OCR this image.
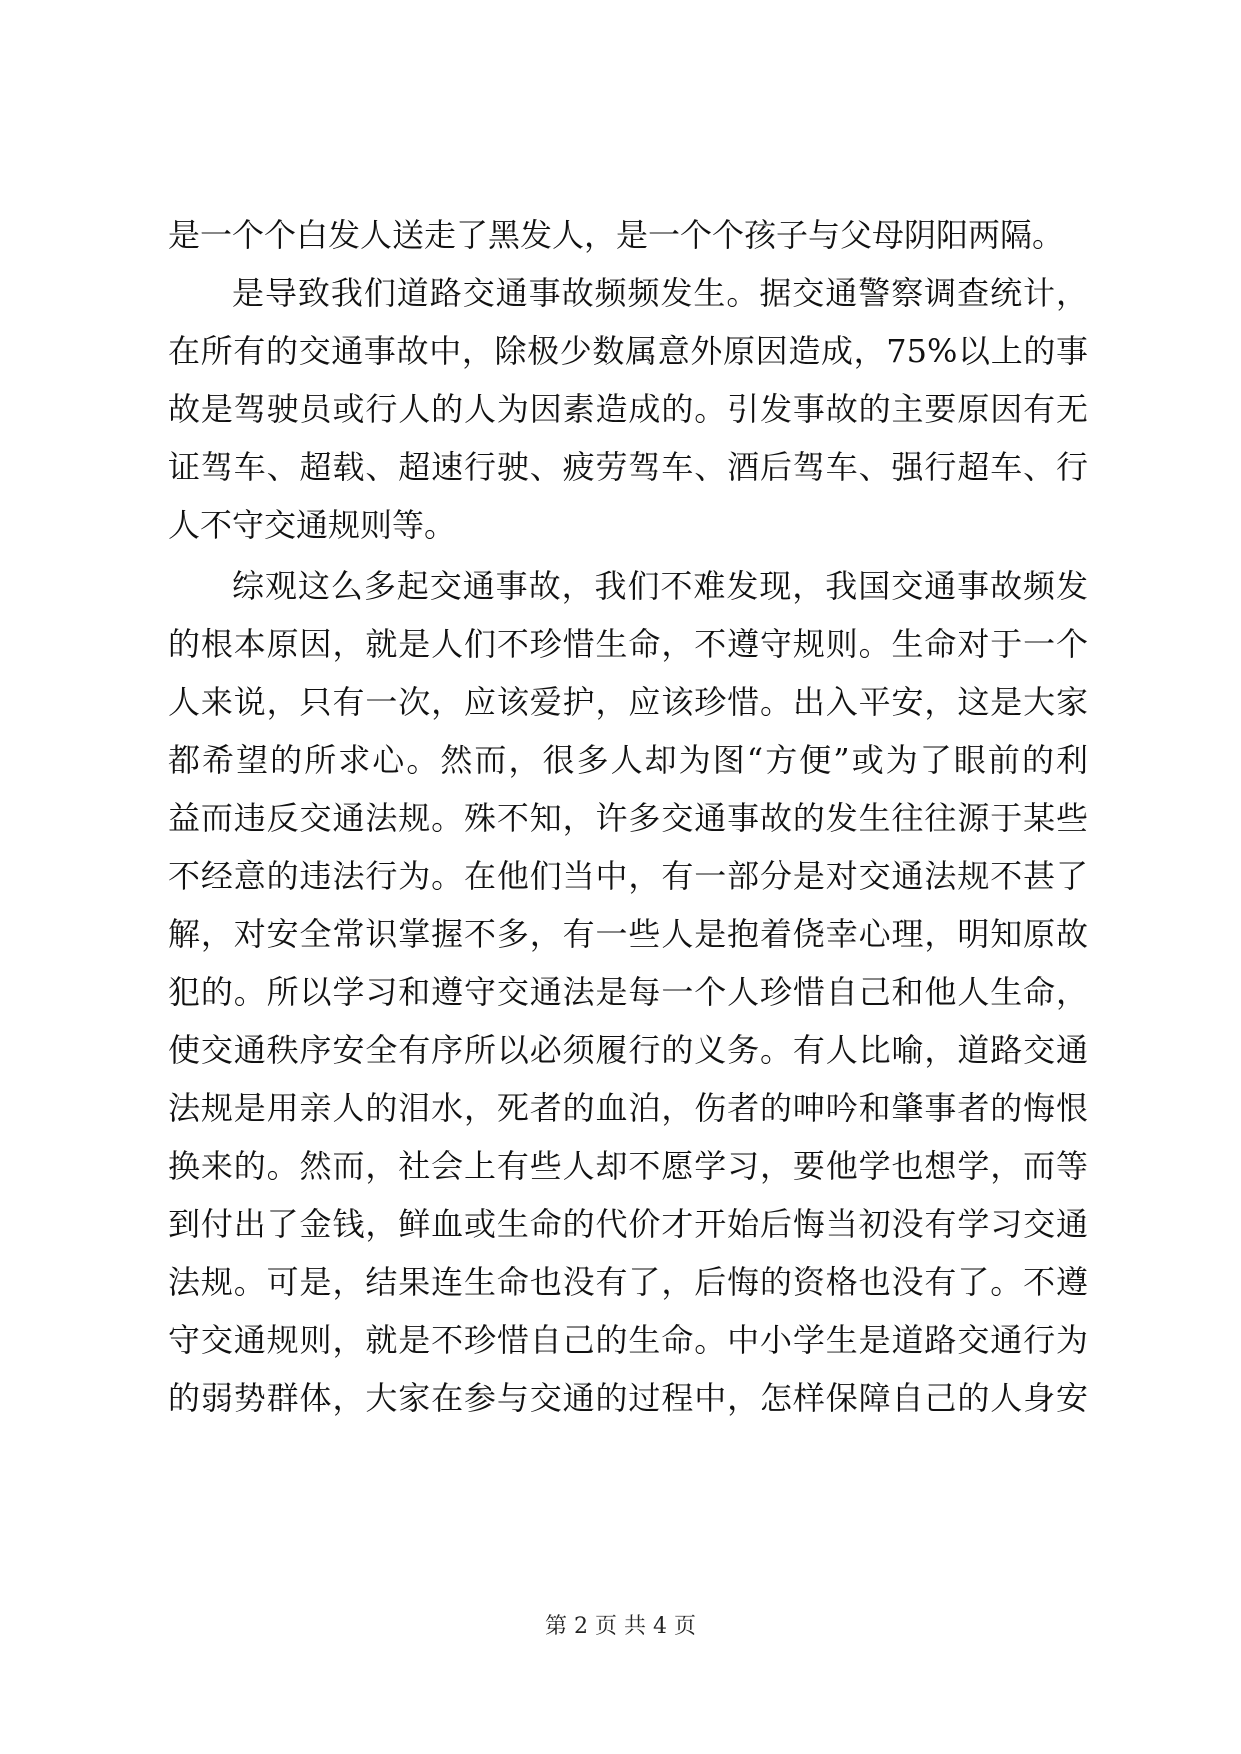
是一个个白发人送走了黑发人，是一个个孩子与父母阴阳两隔。
是导致我们道路交通事故频频发生。据交通警察调查统计，
在所有的交通事故中，除极少数属意外原因造成，75%以上的事
故是驾驶员或行人的人为因素造成的。引发事故的主要原因有无
证驾车、超载、超速行驶、疲劳驾车、酒后驾车、强行超车、行
人不守交通规则等。
综观这么多起交通事故，我们不难发现，我国交通事故频发
的根本原因，就是人们不珍惜生命，不遵守规则。生命对于一个
人来说，只有一次，应该爱护，应该珍惜。出入平安，这是大家
都希望的所求心。然而，很多人却为图“方便”或为了眼前的利
益而违反交通法规。殊不知，许多交通事故的发生往往源于某些
不经意的违法行为。在他们当中，有一部分是对交通法规不甚了
解，对安全常识掌握不多，有一些人是抱着侥幸心理，明知原故
犯的。所以学习和遵守交通法是每一个人珍惜自己和他人生命，
使交通秩序安全有序所以必须履行的义务。有人比喻，道路交通
法规是用亲人的泪水，死者的血泊，伤者的呻吟和肇事者的悔恨
换来的。然而，社会上有些人却不愿学习，要他学也想学，而等
到付出了金钱，鲜血或生命的代价才开始后悔当初没有学习交通
法规。可是，结果连生命也没有了，后悔的资格也没有了。不遵
守交通规则，就是不珍惜自己的生命。中小学生是道路交通行为
的弱势群体，大家在参与交通的过程中，怎样保障自己的人身安
第 2 页 共 4 页
